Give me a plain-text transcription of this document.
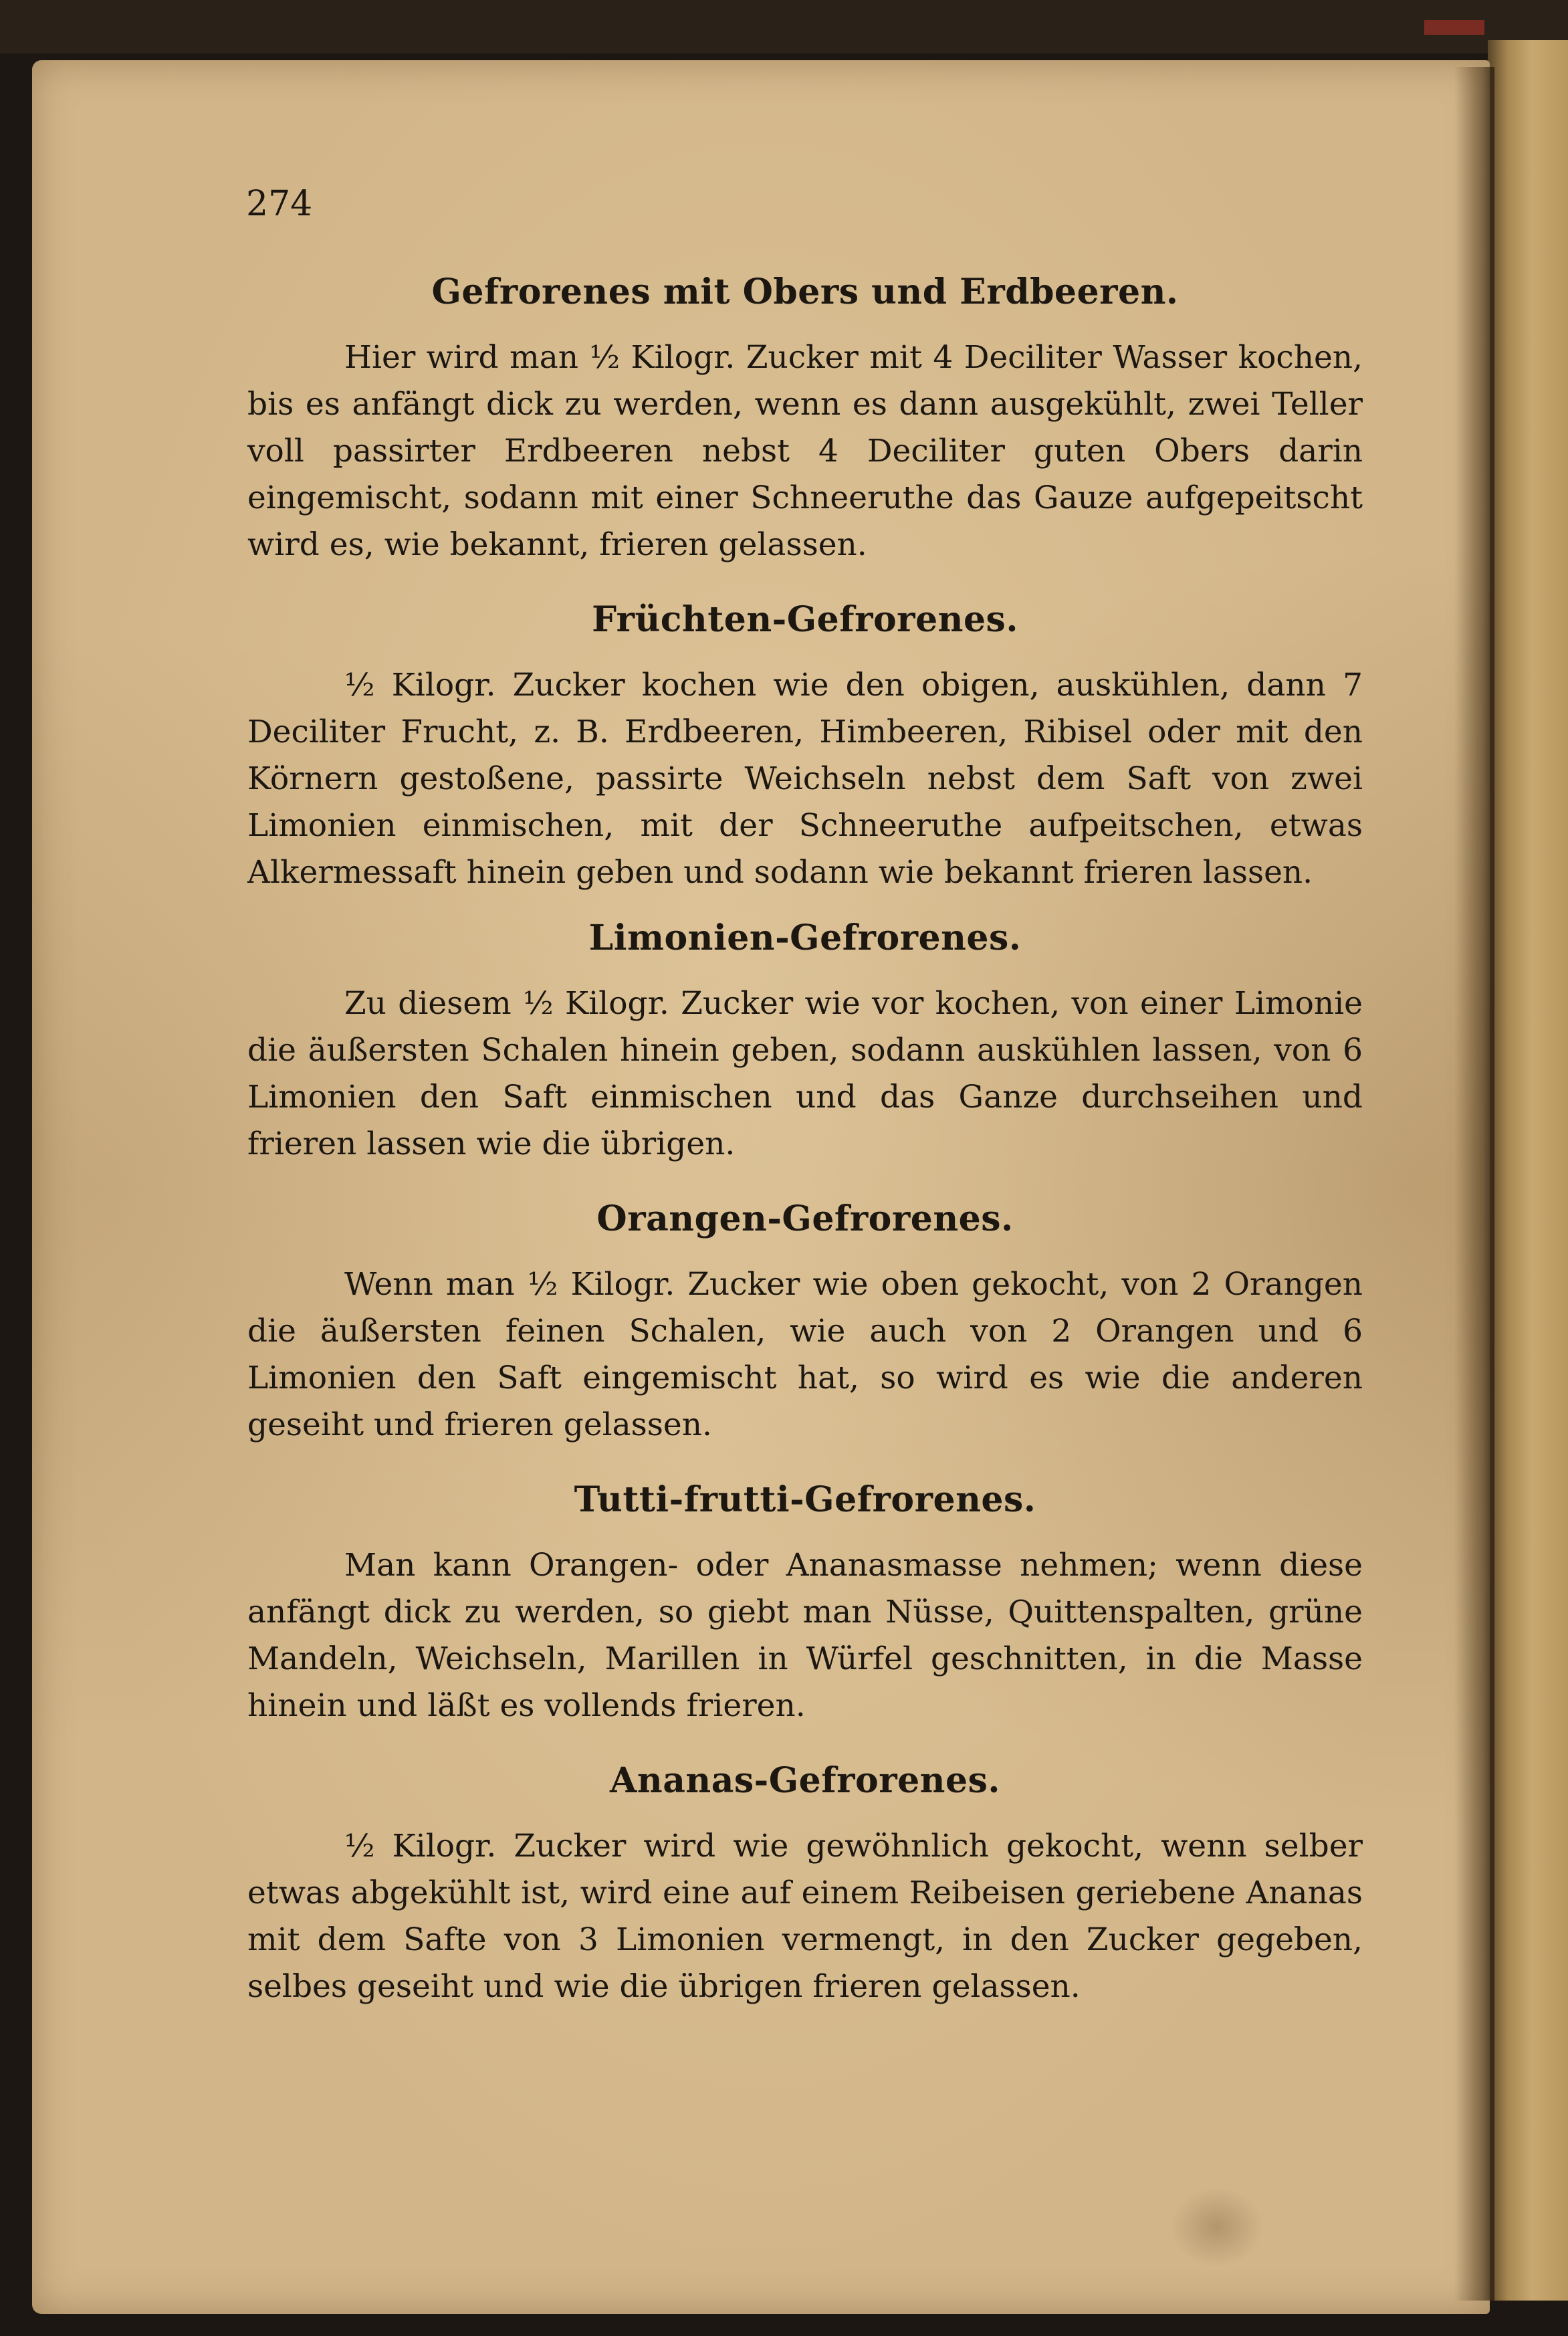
274
Gefrorenes mit Obers und Erdbeeren.

Hier wird man ½ Kilogr. Zucker mit 4 Deciliter Wasser kochen, bis es anfängt dick zu werden, wenn es dann ausgekühlt, zwei Teller voll passirter Erdbeeren nebst 4 Deciliter guten Obers darin eingemischt, sodann mit einer Schneeruthe das Gauze aufgepeitscht wird es, wie bekannt, frieren gelassen.

Früchten-Gefrorenes.

½ Kilogr. Zucker kochen wie den obigen, auskühlen, dann 7 Deciliter Frucht, z. B. Erdbeeren, Himbeeren, Ribisel oder mit den Körnern gestoßene, passirte Weichseln nebst dem Saft von zwei Limonien einmischen, mit der Schneeruthe aufpeitschen, etwas Alkermessaft hinein geben und sodann wie bekannt frieren lassen.

Limonien-Gefrorenes.

Zu diesem ½ Kilogr. Zucker wie vor kochen, von einer Limonie die äußersten Schalen hinein geben, sodann auskühlen lassen, von 6 Limonien den Saft einmischen und das Ganze durchseihen und frieren lassen wie die übrigen.

Orangen-Gefrorenes.

Wenn man ½ Kilogr. Zucker wie oben gekocht, von 2 Orangen die äußersten feinen Schalen, wie auch von 2 Orangen und 6 Limonien den Saft eingemischt hat, so wird es wie die anderen geseiht und frieren gelassen.

Tutti-frutti-Gefrorenes.

Man kann Orangen- oder Ananasmasse nehmen; wenn diese anfängt dick zu werden, so giebt man Nüsse, Quittenspalten, grüne Mandeln, Weichseln, Marillen in Würfel geschnitten, in die Masse hinein und läßt es vollends frieren.

Ananas-Gefrorenes.

½ Kilogr. Zucker wird wie gewöhnlich gekocht, wenn selber etwas abgekühlt ist, wird eine auf einem Reibeisen geriebene Ananas mit dem Safte von 3 Limonien vermengt, in den Zucker gegeben, selbes geseiht und wie die übrigen frieren gelassen.
